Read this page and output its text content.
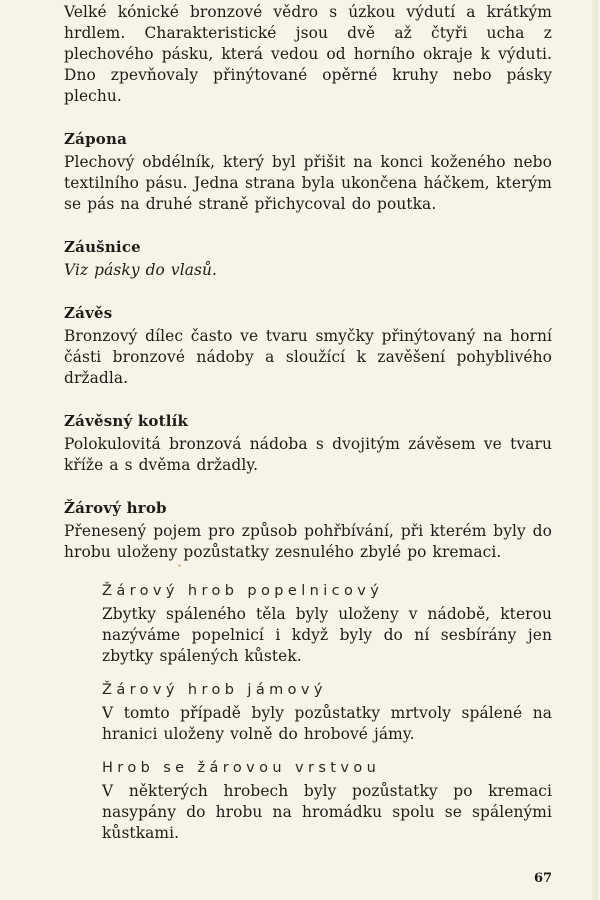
Velké kónické bronzové vědro s úzkou výdutí a krátkým hrdlem. Charakteristické jsou dvě až čtyři ucha z plechového pásku, která vedou od horního okraje k výduti. Dno zpevňovaly přinýtované opěrné kruhy nebo pásky plechu.

Zápona

Plechový obdélník, který byl přišit na konci koženého nebo textilního pásu. Jedna strana byla ukončena háčkem, kterým se pás na druhé straně přichycoval do poutka.

Záušnice

Viz pásky do vlasů.

Závěs

Bronzový dílec často ve tvaru smyčky přinýtovaný na horní části bronzové nádoby a sloužící k zavěšení pohyblivého držadla.

Závěsný kotlík

Polokulovitá bronzová nádoba s dvojitým závěsem ve tvaru kříže a s dvěma držadly.

Žárový hrob

Přenesený pojem pro způsob pohřbívání, při kterém byly do hrobu uloženy pozůstatky zesnulého zbylé po kremaci.

Žárový hrob popelnicový

Zbytky spáleného těla byly uloženy v nádobě, kterou nazýváme popelnicí i když byly do ní sesbírány jen zbytky spálených kůstek.

Žárový hrob jámový

V tomto případě byly pozůstatky mrtvoly spálené na hranici uloženy volně do hrobové jámy.

Hrob se žárovou vrstvou

V některých hrobech byly pozůstatky po kremaci nasypány do hrobu na hromádku spolu se spálenými kůstkami.

67
